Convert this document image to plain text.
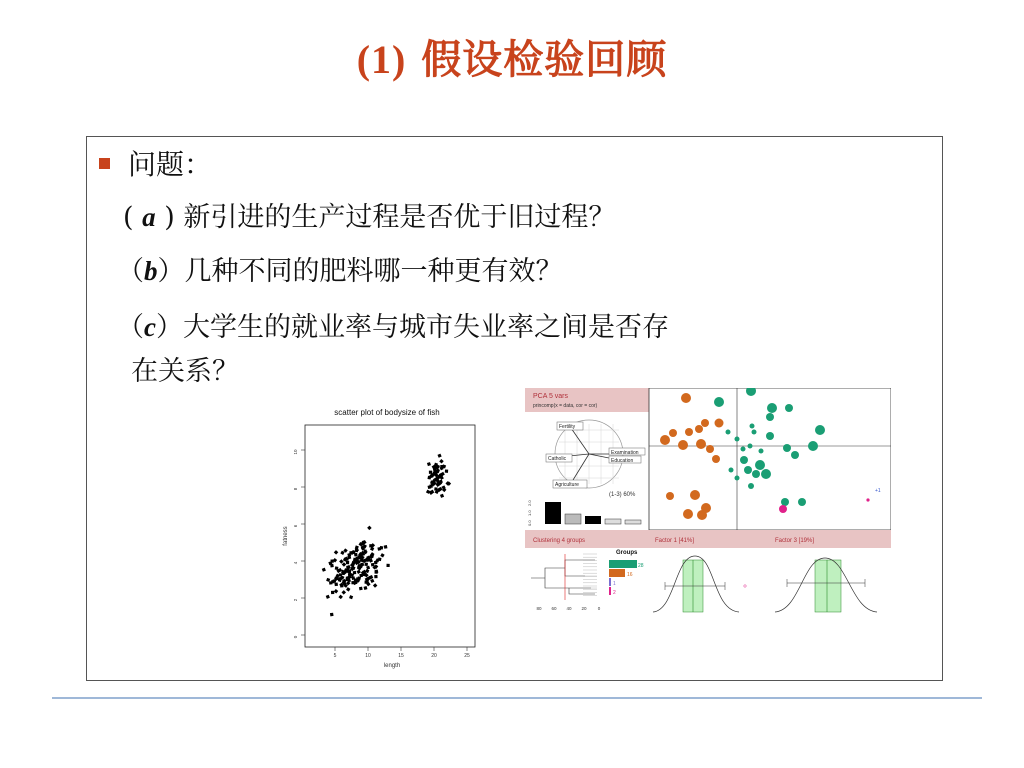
(1) 假设检验回顾
问题：
( a ) 新引进的生产过程是否优于旧过程？
（b）几种不同的肥料哪一种更有效？
（c）大学生的就业率与城市失业率之间是否存
在关系？
scatter plot of bodysize of fish
0
2
4
6
8
10
5	10	15	20	25
fatness
length
PCA 5 vars
princomp(x = data, cor = cor)
Fertility
Catholic
Examination
Education
Agriculture
(1-3) 60%
0.0
1.0
2.0
+1
Clustering 4 groups	Factor 1 [41%]	Factor 3 [19%]
80 60 40 20 0
Groups
28
16
1
2
